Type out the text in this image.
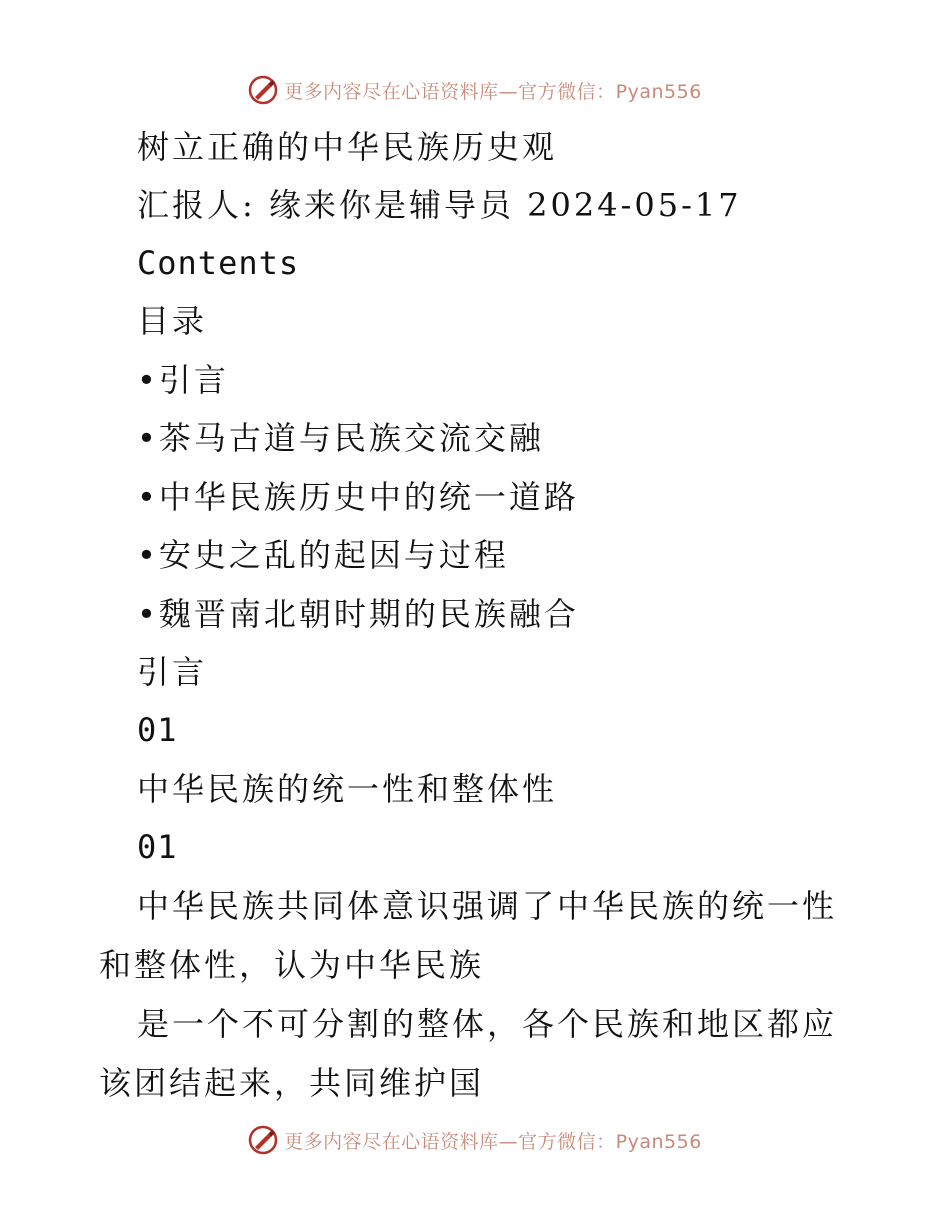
更多内容尽在心语资料库—官方微信：Pyan556
树立正确的中华民族历史观
汇报人: 缘来你是辅导员 2024-05-17
Contents
目录
•引言
•茶马古道与民族交流交融
•中华民族历史中的统一道路
•安史之乱的起因与过程
•魏晋南北朝时期的民族融合
引言
01
中华民族的统一性和整体性
01
中华民族共同体意识强调了中华民族的统一性和整体性，认为中华民族
是一个不可分割的整体，各个民族和地区都应该团结起来，共同维护国
更多内容尽在心语资料库—官方微信：Pyan556
